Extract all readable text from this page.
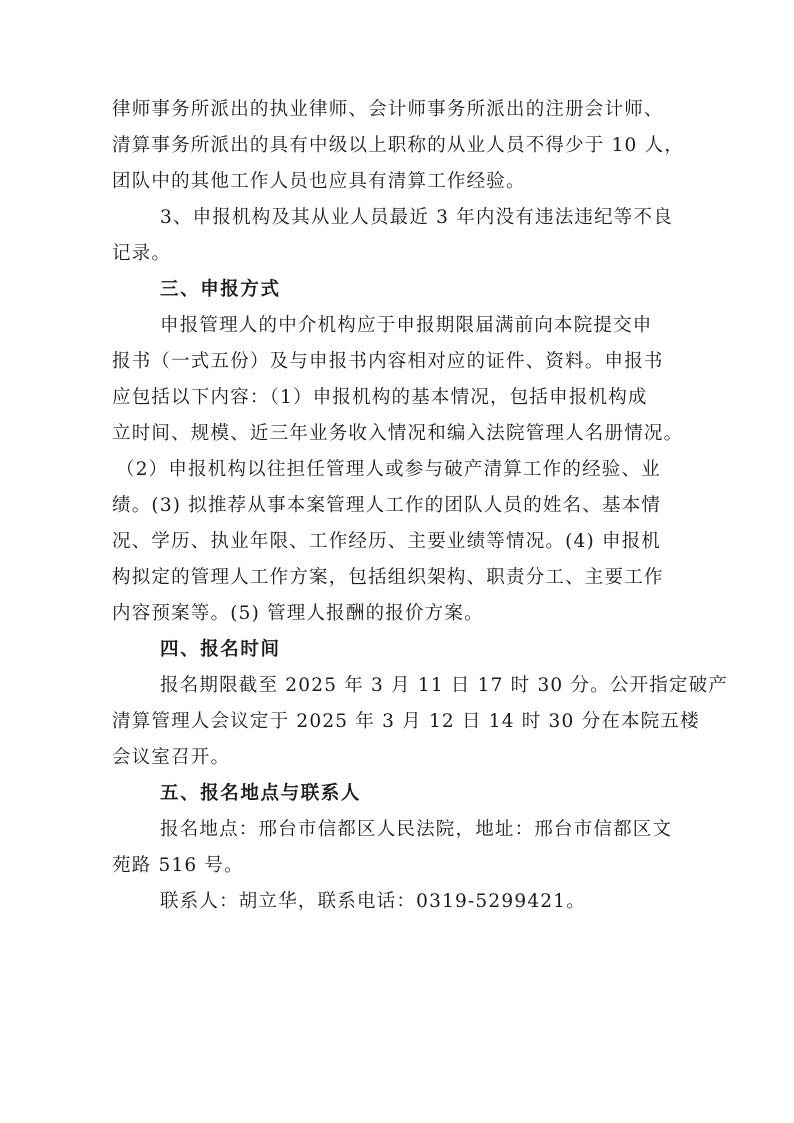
律师事务所派出的执业律师、会计师事务所派出的注册会计师、
清算事务所派出的具有中级以上职称的从业人员不得少于 10 人，
团队中的其他工作人员也应具有清算工作经验。
3、申报机构及其从业人员最近 3 年内没有违法违纪等不良
记录。
三、申报方式
申报管理人的中介机构应于申报期限届满前向本院提交申
报书（一式五份）及与申报书内容相对应的证件、资料。申报书
应包括以下内容：（1）申报机构的基本情况，包括申报机构成
立时间、规模、近三年业务收入情况和编入法院管理人名册情况。
（2）申报机构以往担任管理人或参与破产清算工作的经验、业
绩。(3) 拟推荐从事本案管理人工作的团队人员的姓名、基本情
况、学历、执业年限、工作经历、主要业绩等情况。(4) 申报机
构拟定的管理人工作方案，包括组织架构、职责分工、主要工作
内容预案等。(5) 管理人报酬的报价方案。
四、报名时间
报名期限截至 2025 年 3 月 11 日 17 时 30 分。公开指定破产
清算管理人会议定于 2025 年 3 月 12 日 14 时 30 分在本院五楼
会议室召开。
五、报名地点与联系人
报名地点：邢台市信都区人民法院，地址：邢台市信都区文
苑路 516 号。
联系人：胡立华，联系电话：0319-5299421。
